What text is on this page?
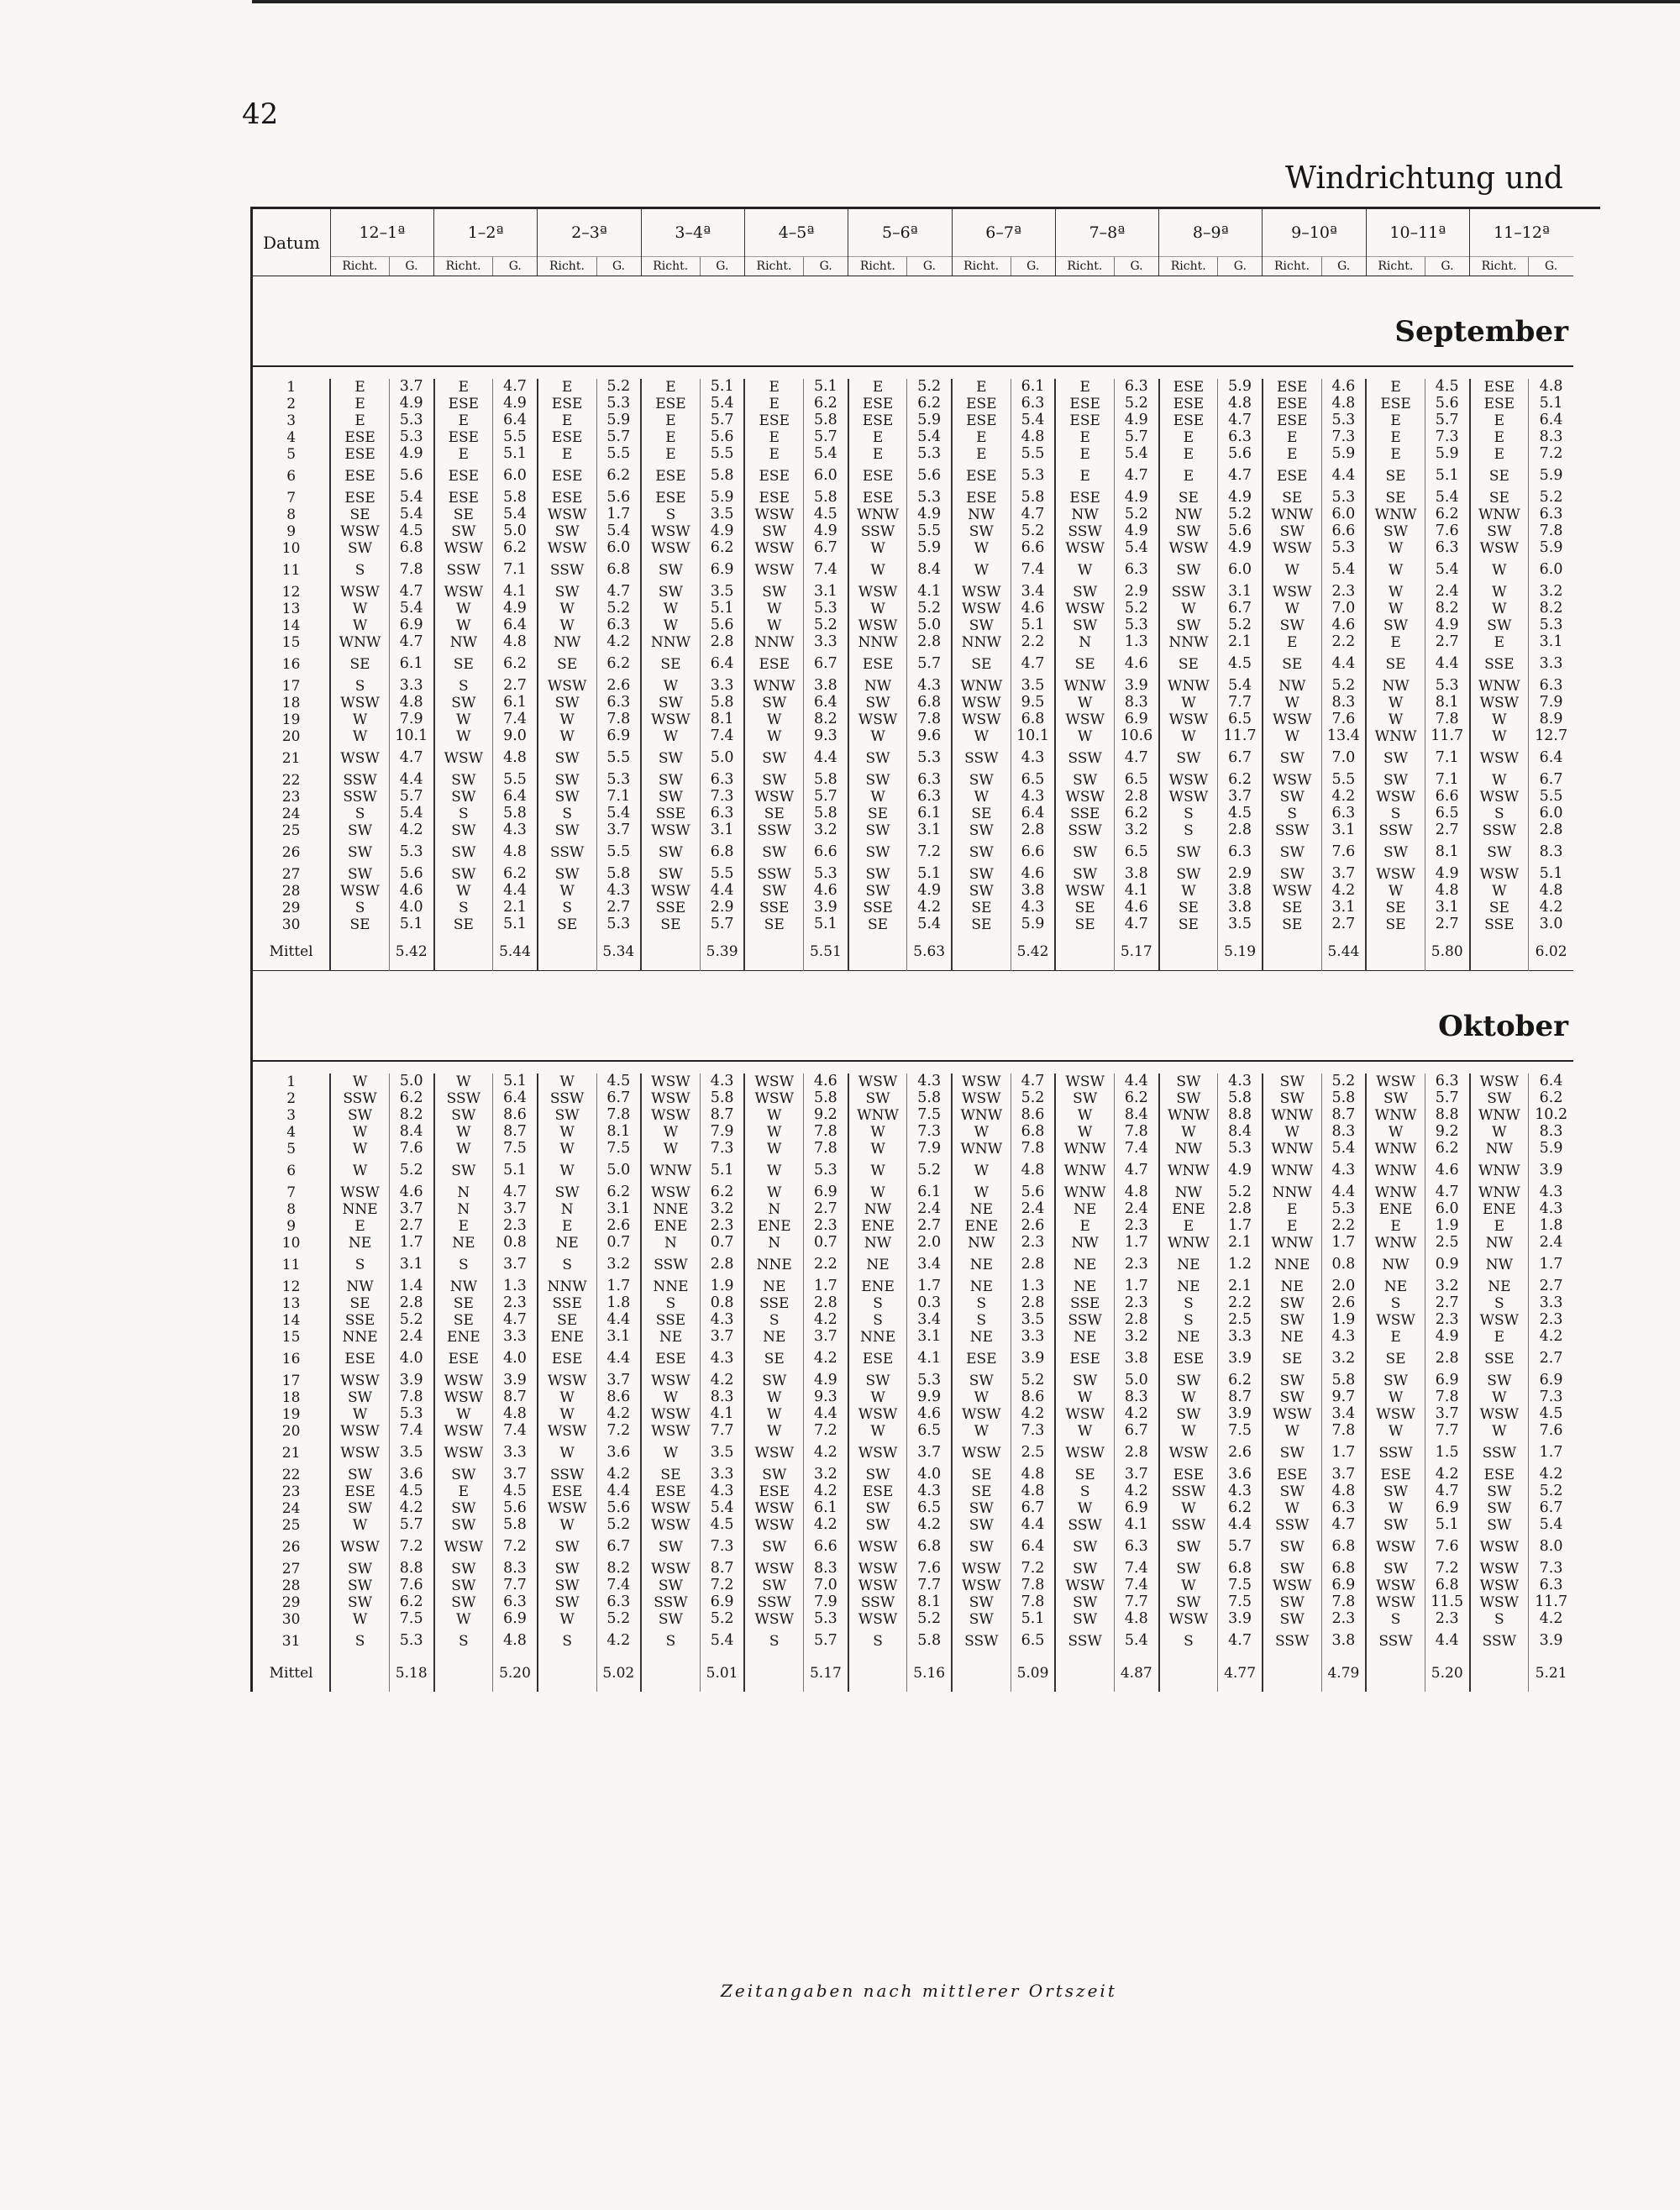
42
Windrichtung und
Datum	12–1ª		1–2ª		2–3ª		3–4ª		4–5ª		5–6ª		6–7ª		7–8ª		8–9ª		9–10ª		10–11ª		11–12ª	
	Richt.	G.	Richt.	G.	Richt.	G.	Richt.	G.	Richt.	G.	Richt.	G.	Richt.	G.	Richt.	G.	Richt.	G.	Richt.	G.	Richt.	G.	Richt.	G.
September																								

1	E	3.7	E	4.7	E	5.2	E	5.1	E	5.1	E	5.2	E	6.1	E	6.3	ESE	5.9	ESE	4.6	E	4.5	ESE	4.8
2	E	4.9	ESE	4.9	ESE	5.3	ESE	5.4	E	6.2	ESE	6.2	ESE	6.3	ESE	5.2	ESE	4.8	ESE	4.8	ESE	5.6	ESE	5.1
3	E	5.3	E	6.4	E	5.9	E	5.7	ESE	5.8	ESE	5.9	ESE	5.4	ESE	4.9	ESE	4.7	ESE	5.3	E	5.7	E	6.4
4	ESE	5.3	ESE	5.5	ESE	5.7	E	5.6	E	5.7	E	5.4	E	4.8	E	5.7	E	6.3	E	7.3	E	7.3	E	8.3
5	ESE	4.9	E	5.1	E	5.5	E	5.5	E	5.4	E	5.3	E	5.5	E	5.4	E	5.6	E	5.9	E	5.9	E	7.2
6	ESE	5.6	ESE	6.0	ESE	6.2	ESE	5.8	ESE	6.0	ESE	5.6	ESE	5.3	E	4.7	E	4.7	ESE	4.4	SE	5.1	SE	5.9
7	ESE	5.4	ESE	5.8	ESE	5.6	ESE	5.9	ESE	5.8	ESE	5.3	ESE	5.8	ESE	4.9	SE	4.9	SE	5.3	SE	5.4	SE	5.2
8	SE	5.4	SE	5.4	WSW	1.7	S	3.5	WSW	4.5	WNW	4.9	NW	4.7	NW	5.2	NW	5.2	WNW	6.0	WNW	6.2	WNW	6.3
9	WSW	4.5	SW	5.0	SW	5.4	WSW	4.9	SW	4.9	SSW	5.5	SW	5.2	SSW	4.9	SW	5.6	SW	6.6	SW	7.6	SW	7.8
10	SW	6.8	WSW	6.2	WSW	6.0	WSW	6.2	WSW	6.7	W	5.9	W	6.6	WSW	5.4	WSW	4.9	WSW	5.3	W	6.3	WSW	5.9
11	S	7.8	SSW	7.1	SSW	6.8	SW	6.9	WSW	7.4	W	8.4	W	7.4	W	6.3	SW	6.0	W	5.4	W	5.4	W	6.0
12	WSW	4.7	WSW	4.1	SW	4.7	SW	3.5	SW	3.1	WSW	4.1	WSW	3.4	SW	2.9	SSW	3.1	WSW	2.3	W	2.4	W	3.2
13	W	5.4	W	4.9	W	5.2	W	5.1	W	5.3	W	5.2	WSW	4.6	WSW	5.2	W	6.7	W	7.0	W	8.2	W	8.2
14	W	6.9	W	6.4	W	6.3	W	5.6	W	5.2	WSW	5.0	SW	5.1	SW	5.3	SW	5.2	SW	4.6	SW	4.9	SW	5.3
15	WNW	4.7	NW	4.8	NW	4.2	NNW	2.8	NNW	3.3	NNW	2.8	NNW	2.2	N	1.3	NNW	2.1	E	2.2	E	2.7	E	3.1
16	SE	6.1	SE	6.2	SE	6.2	SE	6.4	ESE	6.7	ESE	5.7	SE	4.7	SE	4.6	SE	4.5	SE	4.4	SE	4.4	SSE	3.3
17	S	3.3	S	2.7	WSW	2.6	W	3.3	WNW	3.8	NW	4.3	WNW	3.5	WNW	3.9	WNW	5.4	NW	5.2	NW	5.3	WNW	6.3
18	WSW	4.8	SW	6.1	SW	6.3	SW	5.8	SW	6.4	SW	6.8	WSW	9.5	W	8.3	W	7.7	W	8.3	W	8.1	WSW	7.9
19	W	7.9	W	7.4	W	7.8	WSW	8.1	W	8.2	WSW	7.8	WSW	6.8	WSW	6.9	WSW	6.5	WSW	7.6	W	7.8	W	8.9
20	W	10.1	W	9.0	W	6.9	W	7.4	W	9.3	W	9.6	W	10.1	W	10.6	W	11.7	W	13.4	WNW	11.7	W	12.7
21	WSW	4.7	WSW	4.8	SW	5.5	SW	5.0	SW	4.4	SW	5.3	SSW	4.3	SSW	4.7	SW	6.7	SW	7.0	SW	7.1	WSW	6.4
22	SSW	4.4	SW	5.5	SW	5.3	SW	6.3	SW	5.8	SW	6.3	SW	6.5	SW	6.5	WSW	6.2	WSW	5.5	SW	7.1	W	6.7
23	SSW	5.7	SW	6.4	SW	7.1	SW	7.3	WSW	5.7	W	6.3	W	4.3	WSW	2.8	WSW	3.7	SW	4.2	WSW	6.6	WSW	5.5
24	S	5.4	S	5.8	S	5.4	SSE	6.3	SE	5.8	SE	6.1	SE	6.4	SSE	6.2	S	4.5	S	6.3	S	6.5	S	6.0
25	SW	4.2	SW	4.3	SW	3.7	WSW	3.1	SSW	3.2	SW	3.1	SW	2.8	SSW	3.2	S	2.8	SSW	3.1	SSW	2.7	SSW	2.8
26	SW	5.3	SW	4.8	SSW	5.5	SW	6.8	SW	6.6	SW	7.2	SW	6.6	SW	6.5	SW	6.3	SW	7.6	SW	8.1	SW	8.3
27	SW	5.6	SW	6.2	SW	5.8	SW	5.5	SSW	5.3	SW	5.1	SW	4.6	SW	3.8	SW	2.9	SW	3.7	WSW	4.9	WSW	5.1
28	WSW	4.6	W	4.4	W	4.3	WSW	4.4	SW	4.6	SW	4.9	SW	3.8	WSW	4.1	W	3.8	WSW	4.2	W	4.8	W	4.8
29	S	4.0	S	2.1	S	2.7	SSE	2.9	SSE	3.9	SSE	4.2	SE	4.3	SE	4.6	SE	3.8	SE	3.1	SE	3.1	SE	4.2
30	SE	5.1	SE	5.1	SE	5.3	SE	5.7	SE	5.1	SE	5.4	SE	5.9	SE	4.7	SE	3.5	SE	2.7	SE	2.7	SSE	3.0
Mittel		5.42		5.44		5.34		5.39		5.51		5.63		5.42		5.17		5.19		5.44		5.80		6.02
Oktober																								

1	W	5.0	W	5.1	W	4.5	WSW	4.3	WSW	4.6	WSW	4.3	WSW	4.7	WSW	4.4	SW	4.3	SW	5.2	WSW	6.3	WSW	6.4
2	SSW	6.2	SSW	6.4	SSW	6.7	WSW	5.8	WSW	5.8	SW	5.8	WSW	5.2	SW	6.2	SW	5.8	SW	5.8	SW	5.7	SW	6.2
3	SW	8.2	SW	8.6	SW	7.8	WSW	8.7	W	9.2	WNW	7.5	WNW	8.6	W	8.4	WNW	8.8	WNW	8.7	WNW	8.8	WNW	10.2
4	W	8.4	W	8.7	W	8.1	W	7.9	W	7.8	W	7.3	W	6.8	W	7.8	W	8.4	W	8.3	W	9.2	W	8.3
5	W	7.6	W	7.5	W	7.5	W	7.3	W	7.8	W	7.9	WNW	7.8	WNW	7.4	NW	5.3	WNW	5.4	WNW	6.2	NW	5.9
6	W	5.2	SW	5.1	W	5.0	WNW	5.1	W	5.3	W	5.2	W	4.8	WNW	4.7	WNW	4.9	WNW	4.3	WNW	4.6	WNW	3.9
7	WSW	4.6	N	4.7	SW	6.2	WSW	6.2	W	6.9	W	6.1	W	5.6	WNW	4.8	NW	5.2	NNW	4.4	WNW	4.7	WNW	4.3
8	NNE	3.7	N	3.7	N	3.1	NNE	3.2	N	2.7	NW	2.4	NE	2.4	NE	2.4	ENE	2.8	E	5.3	ENE	6.0	ENE	4.3
9	E	2.7	E	2.3	E	2.6	ENE	2.3	ENE	2.3	ENE	2.7	ENE	2.6	E	2.3	E	1.7	E	2.2	E	1.9	E	1.8
10	NE	1.7	NE	0.8	NE	0.7	N	0.7	N	0.7	NW	2.0	NW	2.3	NW	1.7	WNW	2.1	WNW	1.7	WNW	2.5	NW	2.4
11	S	3.1	S	3.7	S	3.2	SSW	2.8	NNE	2.2	NE	3.4	NE	2.8	NE	2.3	NE	1.2	NNE	0.8	NW	0.9	NW	1.7
12	NW	1.4	NW	1.3	NNW	1.7	NNE	1.9	NE	1.7	ENE	1.7	NE	1.3	NE	1.7	NE	2.1	NE	2.0	NE	3.2	NE	2.7
13	SE	2.8	SE	2.3	SSE	1.8	S	0.8	SSE	2.8	S	0.3	S	2.8	SSE	2.3	S	2.2	SW	2.6	S	2.7	S	3.3
14	SSE	5.2	SE	4.7	SE	4.4	SSE	4.3	S	4.2	S	3.4	S	3.5	SSW	2.8	S	2.5	SW	1.9	WSW	2.3	WSW	2.3
15	NNE	2.4	ENE	3.3	ENE	3.1	NE	3.7	NE	3.7	NNE	3.1	NE	3.3	NE	3.2	NE	3.3	NE	4.3	E	4.9	E	4.2
16	ESE	4.0	ESE	4.0	ESE	4.4	ESE	4.3	SE	4.2	ESE	4.1	ESE	3.9	ESE	3.8	ESE	3.9	SE	3.2	SE	2.8	SSE	2.7
17	WSW	3.9	WSW	3.9	WSW	3.7	WSW	4.2	SW	4.9	SW	5.3	SW	5.2	SW	5.0	SW	6.2	SW	5.8	SW	6.9	SW	6.9
18	SW	7.8	WSW	8.7	W	8.6	W	8.3	W	9.3	W	9.9	W	8.6	W	8.3	W	8.7	SW	9.7	W	7.8	W	7.3
19	W	5.3	W	4.8	W	4.2	WSW	4.1	W	4.4	WSW	4.6	WSW	4.2	WSW	4.2	SW	3.9	WSW	3.4	WSW	3.7	WSW	4.5
20	WSW	7.4	WSW	7.4	WSW	7.2	WSW	7.7	W	7.2	W	6.5	W	7.3	W	6.7	W	7.5	W	7.8	W	7.7	W	7.6
21	WSW	3.5	WSW	3.3	W	3.6	W	3.5	WSW	4.2	WSW	3.7	WSW	2.5	WSW	2.8	WSW	2.6	SW	1.7	SSW	1.5	SSW	1.7
22	SW	3.6	SW	3.7	SSW	4.2	SE	3.3	SW	3.2	SW	4.0	SE	4.8	SE	3.7	ESE	3.6	ESE	3.7	ESE	4.2	ESE	4.2
23	ESE	4.5	E	4.5	ESE	4.4	ESE	4.3	ESE	4.2	ESE	4.3	SE	4.8	S	4.2	SSW	4.3	SW	4.8	SW	4.7	SW	5.2
24	SW	4.2	SW	5.6	WSW	5.6	WSW	5.4	WSW	6.1	SW	6.5	SW	6.7	W	6.9	W	6.2	W	6.3	W	6.9	SW	6.7
25	W	5.7	SW	5.8	W	5.2	WSW	4.5	WSW	4.2	SW	4.2	SW	4.4	SSW	4.1	SSW	4.4	SSW	4.7	SW	5.1	SW	5.4
26	WSW	7.2	WSW	7.2	SW	6.7	SW	7.3	SW	6.6	WSW	6.8	SW	6.4	SW	6.3	SW	5.7	SW	6.8	WSW	7.6	WSW	8.0
27	SW	8.8	SW	8.3	SW	8.2	WSW	8.7	WSW	8.3	WSW	7.6	WSW	7.2	SW	7.4	SW	6.8	SW	6.8	SW	7.2	WSW	7.3
28	SW	7.6	SW	7.7	SW	7.4	SW	7.2	SW	7.0	WSW	7.7	WSW	7.8	WSW	7.4	W	7.5	WSW	6.9	WSW	6.8	WSW	6.3
29	SW	6.2	SW	6.3	SW	6.3	SSW	6.9	SSW	7.9	SSW	8.1	SW	7.8	SW	7.7	SW	7.5	SW	7.8	WSW	11.5	WSW	11.7
30	W	7.5	W	6.9	W	5.2	SW	5.2	WSW	5.3	WSW	5.2	SW	5.1	SW	4.8	WSW	3.9	SW	2.3	S	2.3	S	4.2
31	S	5.3	S	4.8	S	4.2	S	5.4	S	5.7	S	5.8	SSW	6.5	SSW	5.4	S	4.7	SSW	3.8	SSW	4.4	SSW	3.9
Mittel		5.18		5.20		5.02		5.01		5.17		5.16		5.09		4.87		4.77		4.79		5.20		5.21
Zeitangaben nach mittlerer Ortszeit
